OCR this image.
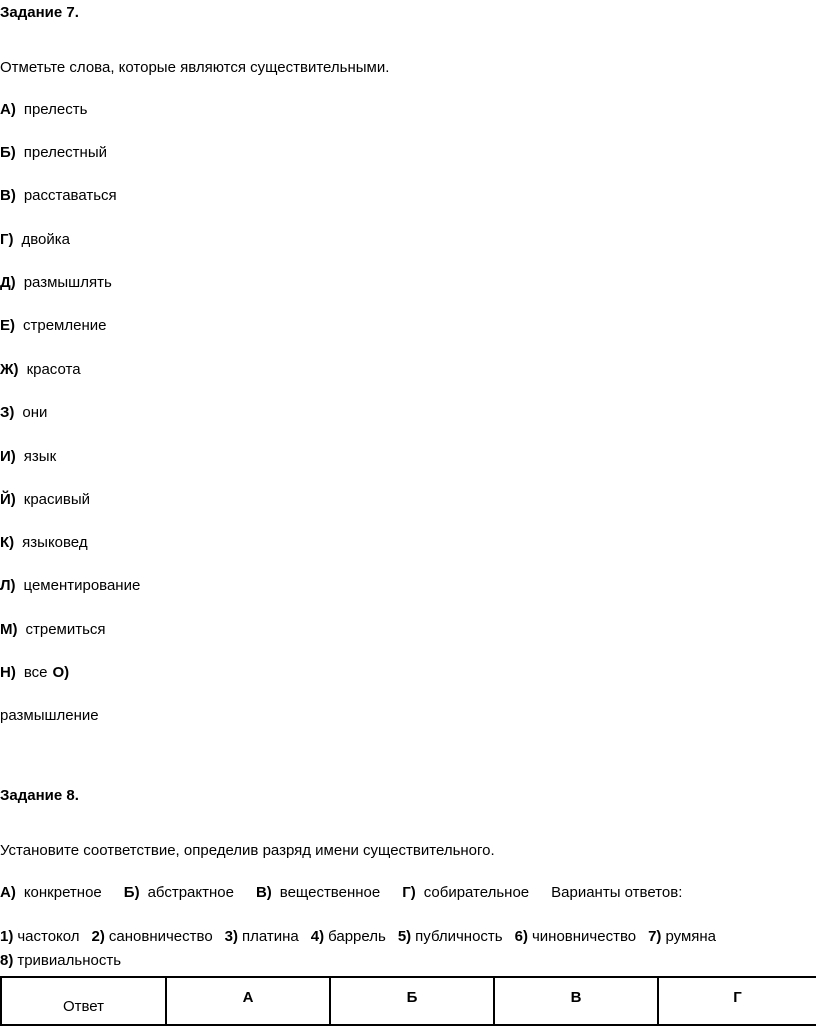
Задание 7.
Отметьте слова, которые являются существительными.
А) прелесть
Б) прелестный
В) расставаться
Г) двойка
Д) размышлять
Е) стремление
Ж) красота
З) они
И) язык
Й) красивый
К) языковед
Л) цементирование
М) стремиться
Н) все О)
размышление
Задание 8.
Установите соответствие, определив разряд имени существительного.
А) конкретное Б) абстрактное В) вещественное Г) собирательное Варианты ответов:
1) частокол 2) сановничество 3) платина 4) баррель 5) публичность 6) чиновничество 7) румяна
8) тривиальность
Ответ	А	Б	В	Г
